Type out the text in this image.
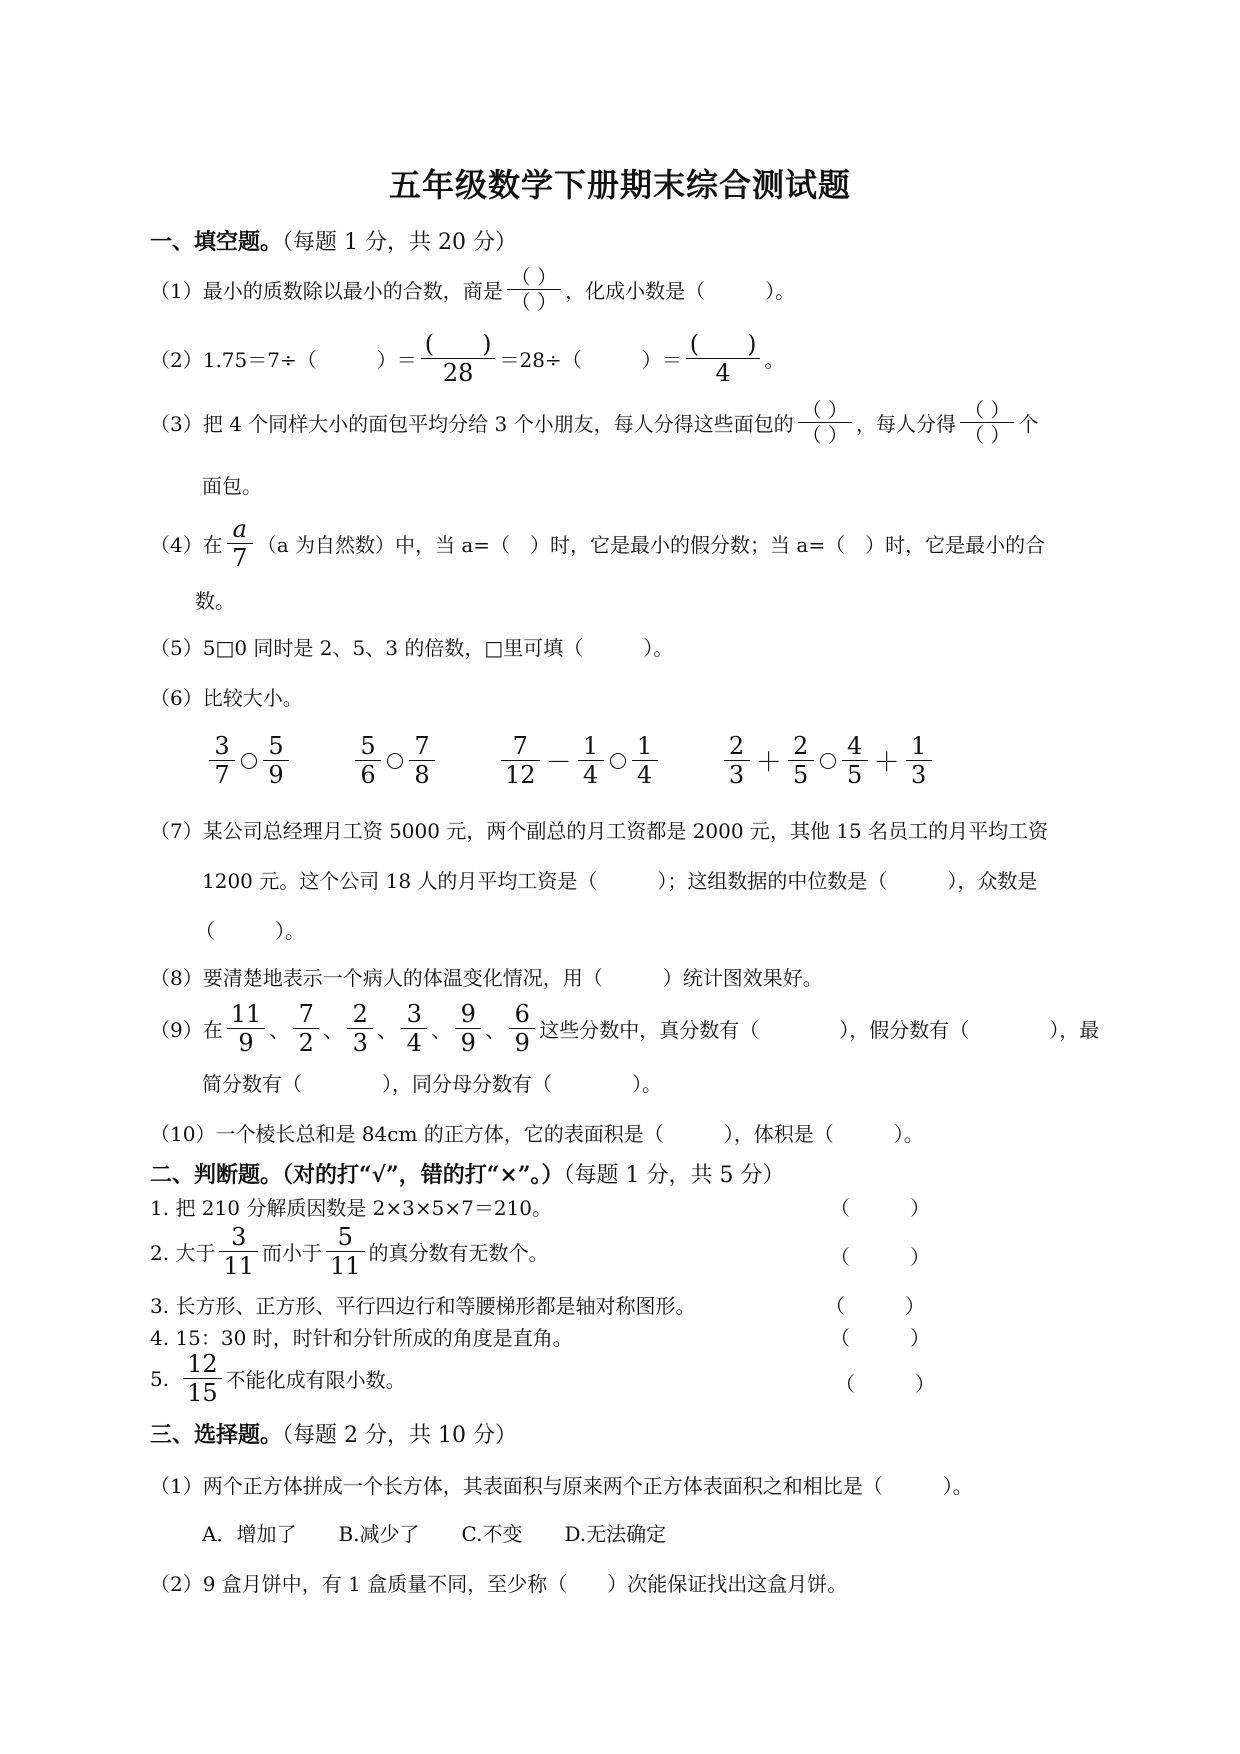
五年级数学下册期末综合测试题
一、填空题。（每题 1 分，共 20 分）
（1）最小的质数除以最小的合数，商是 $\frac{( )}{( )}$ ，化成小数是（　　　）。
（2）1.75＝7÷（　　　）＝ $\frac{( )}{28} =28\div$（　　　）＝ $\frac{( )}{4}$ 。
（3）把 4 个同样大小的面包平均分给 3 个小朋友，每人分得这些面包的 $\frac{( )}{( )}$ ，每人分得 $\frac{( )}{( )}$ 个
面包。
（4）在 $\frac{a}{7} (a$ 为自然数）中，当 a=（　）时，它是最小的假分数；当 a=（　）时，它是最小的合
数。
（5）5□0 同时是 2、5、3 的倍数，□里可填（　　　）。
（6）比较大小。
$\frac{3}{7} \frac{5}{9}$	$\frac{5}{6} \frac{7}{8}$	$\frac{7}{12} - \frac{1}{4} \frac{1}{4}$	$\frac{2}{3} + \frac{2}{5} \frac{4}{5} + \frac{1}{3}$
（7）某公司总经理月工资 5000 元，两个副总的月工资都是 2000 元，其他 15 名员工的月平均工资
1200 元。这个公司 18 人的月平均工资是（　　　）；这组数据的中位数是（　　　），众数是
（　　　）。
（8）要清楚地表示一个病人的体温变化情况，用（　　　）统计图效果好。
（9）在 $\frac{11}{9}$ 、 $\frac{7}{2}$ 、 $\frac{2}{3}$ 、 $\frac{3}{4}$ 、 $\frac{9}{9}$ 、 $\frac{6}{9}$ 这些分数中，真分数有（　　　　），假分数有（　　　　），最
简分数有（　　　　），同分母分数有（　　　　）。
（10）一个棱长总和是 84cm 的正方体，它的表面积是（　　　），体积是（　　　）。
二、判断题。（对的打“√”，错的打“×”。）（每题 1 分，共 5 分）
1. 把 210 分解质因数是 2×3×5×7＝210。	（　　　）
2. 大于 $\frac{3}{11}$ 而小于 $\frac{5}{11}$ 的真分数有无数个。	（　　　）
3. 长方形、正方形、平行四边行和等腰梯形都是轴对称图形。	（　　　）
4. 15：30 时，时针和分针所成的角度是直角。	（　　　）
5. $\frac{12}{15}$ 不能化成有限小数。	（　　　）
三、选择题。（每题 2 分，共 10 分）
（1）两个正方体拼成一个长方体，其表面积与原来两个正方体表面积之和相比是（　　　）。
A．增加了 B.减少了 C.不变 D.无法确定
（2）9 盒月饼中，有 1 盒质量不同，至少称（　　）次能保证找出这盒月饼。
